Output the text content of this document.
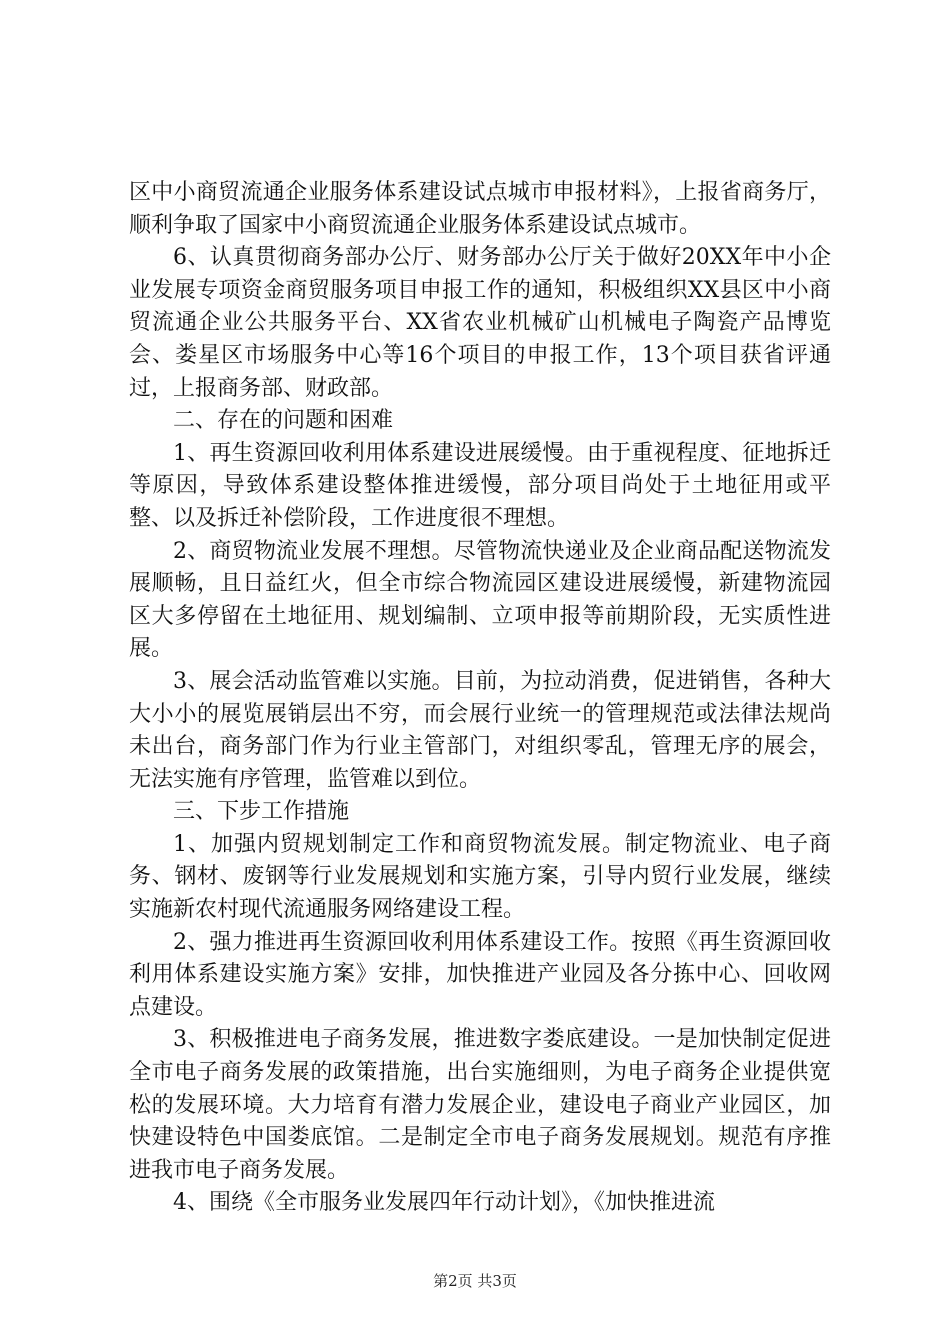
区中小商贸流通企业服务体系建设试点城市申报材料》，上报省商务厅，顺利争取了国家中小商贸流通企业服务体系建设试点城市。

6、认真贯彻商务部办公厅、财务部办公厅关于做好20XX年中小企业发展专项资金商贸服务项目申报工作的通知，积极组织XX县区中小商贸流通企业公共服务平台、XX省农业机械矿山机械电子陶瓷产品博览会、娄星区市场服务中心等16个项目的申报工作，13个项目获省评通过，上报商务部、财政部。

二、存在的问题和困难

1、再生资源回收利用体系建设进展缓慢。由于重视程度、征地拆迁等原因，导致体系建设整体推进缓慢，部分项目尚处于土地征用或平整、以及拆迁补偿阶段，工作进度很不理想。

2、商贸物流业发展不理想。尽管物流快递业及企业商品配送物流发展顺畅，且日益红火，但全市综合物流园区建设进展缓慢，新建物流园区大多停留在土地征用、规划编制、立项申报等前期阶段，无实质性进展。

3、展会活动监管难以实施。目前，为拉动消费，促进销售，各种大大小小的展览展销层出不穷，而会展行业统一的管理规范或法律法规尚未出台，商务部门作为行业主管部门，对组织零乱，管理无序的展会，无法实施有序管理，监管难以到位。

三、下步工作措施

1、加强内贸规划制定工作和商贸物流发展。制定物流业、电子商务、钢材、废钢等行业发展规划和实施方案，引导内贸行业发展，继续实施新农村现代流通服务网络建设工程。

2、强力推进再生资源回收利用体系建设工作。按照《再生资源回收利用体系建设实施方案》安排，加快推进产业园及各分拣中心、回收网点建设。

3、积极推进电子商务发展，推进数字娄底建设。一是加快制定促进全市电子商务发展的政策措施，出台实施细则，为电子商务企业提供宽松的发展环境。大力培育有潜力发展企业，建设电子商业产业园区，加快建设特色中国娄底馆。二是制定全市电子商务发展规划。规范有序推进我市电子商务发展。

4、围绕《全市服务业发展四年行动计划》，《加快推进流

第2页 共3页
